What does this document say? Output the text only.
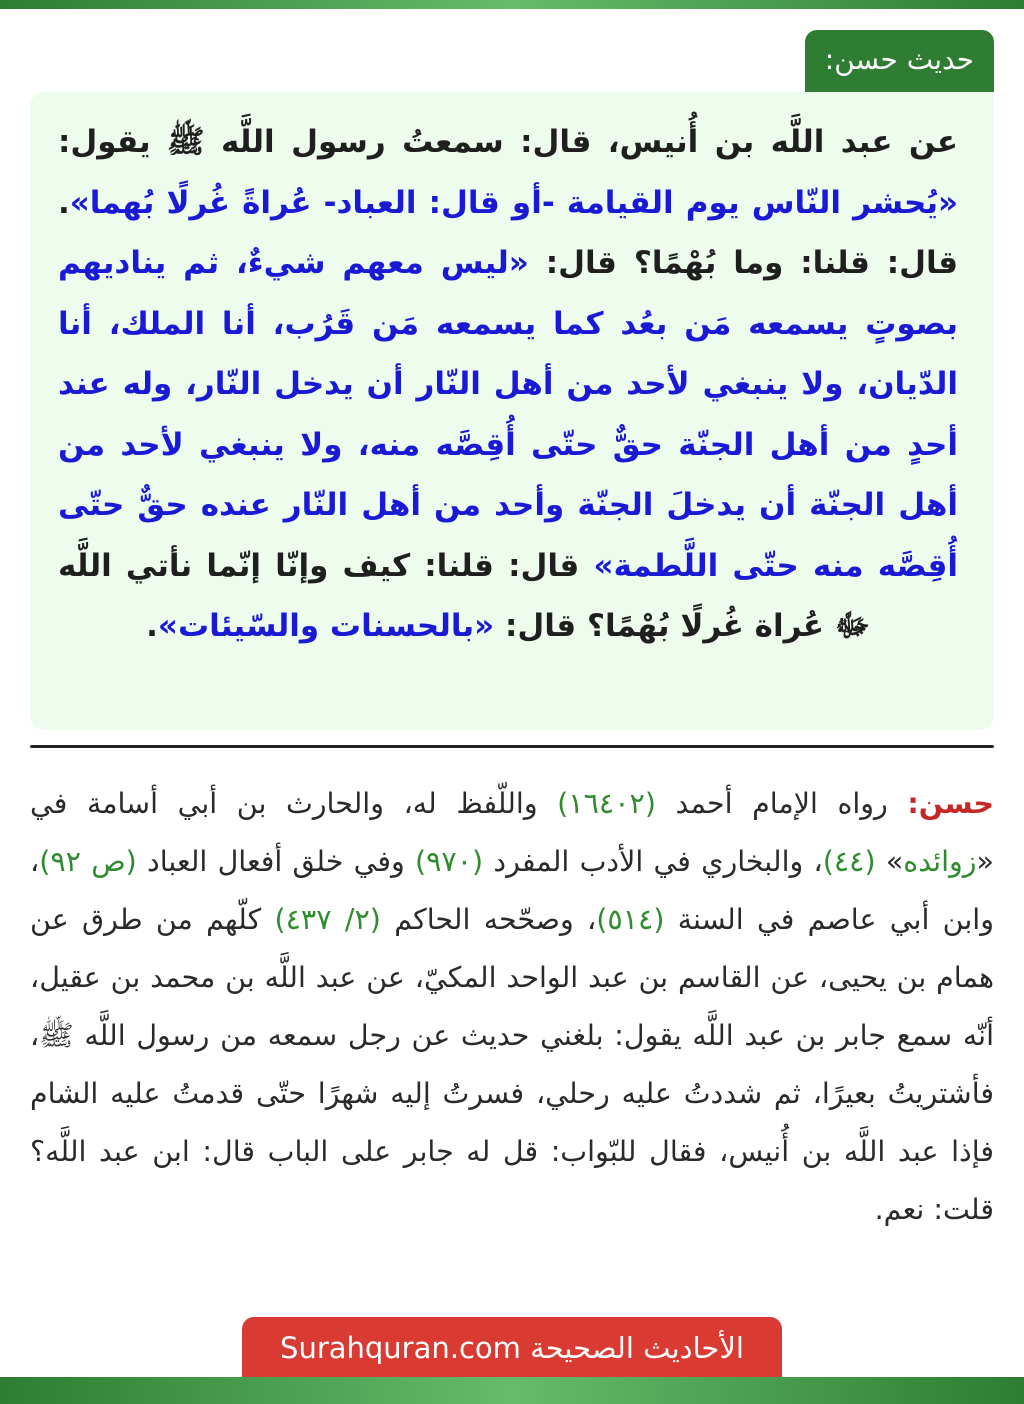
حديث حسن:
عن عبد اللَّه بن أُنيس، قال: سمعتُ رسول اللَّه ﷺ يقول: «يُحشر النّاس يوم القيامة -أو قال: العباد- عُراةً غُرلًا بُهما». قال: قلنا: وما بُهْمًا؟ قال: «ليس معهم شيءٌ، ثم يناديهم بصوتٍ يسمعه مَن بعُد كما يسمعه مَن قَرُب، أنا الملك، أنا الدّيان، ولا ينبغي لأحد من أهل النّار أن يدخل النّار، وله عند أحدٍ من أهل الجنّة حقٌّ حتّى أُقِصَّه منه، ولا ينبغي لأحد من أهل الجنّة أن يدخلَ الجنّة وأحد من أهل النّار عنده حقٌّ حتّى أُقِصَّه منه حتّى اللَّطمة» قال: قلنا: كيف وإنّا إنّما نأتي اللَّه ﷻ عُراة غُرلًا بُهْمًا؟ قال: «بالحسنات والسّيئات».
حسن: رواه الإمام أحمد (١٦٤٠٢) واللّفظ له، والحارث بن أبي أسامة في «زوائده» (٤٤)، والبخاري في الأدب المفرد (٩٧٠) وفي خلق أفعال العباد (ص ٩٢)، وابن أبي عاصم في السنة (٥١٤)، وصحّحه الحاكم (٢/ ٤٣٧) كلّهم من طرق عن همام بن يحيى، عن القاسم بن عبد الواحد المكيّ، عن عبد اللَّه بن محمد بن عقيل، أنّه سمع جابر بن عبد اللَّه يقول: بلغني حديث عن رجل سمعه من رسول اللَّه ﷺ، فأشتريتُ بعيرًا، ثم شددتُ عليه رحلي، فسرتُ إليه شهرًا حتّى قدمتُ عليه الشام فإذا عبد اللَّه بن أُنيس، فقال للبّواب: قل له جابر على الباب قال: ابن عبد اللَّه؟ قلت: نعم.
الأحاديث الصحيحة Surahquran.com
